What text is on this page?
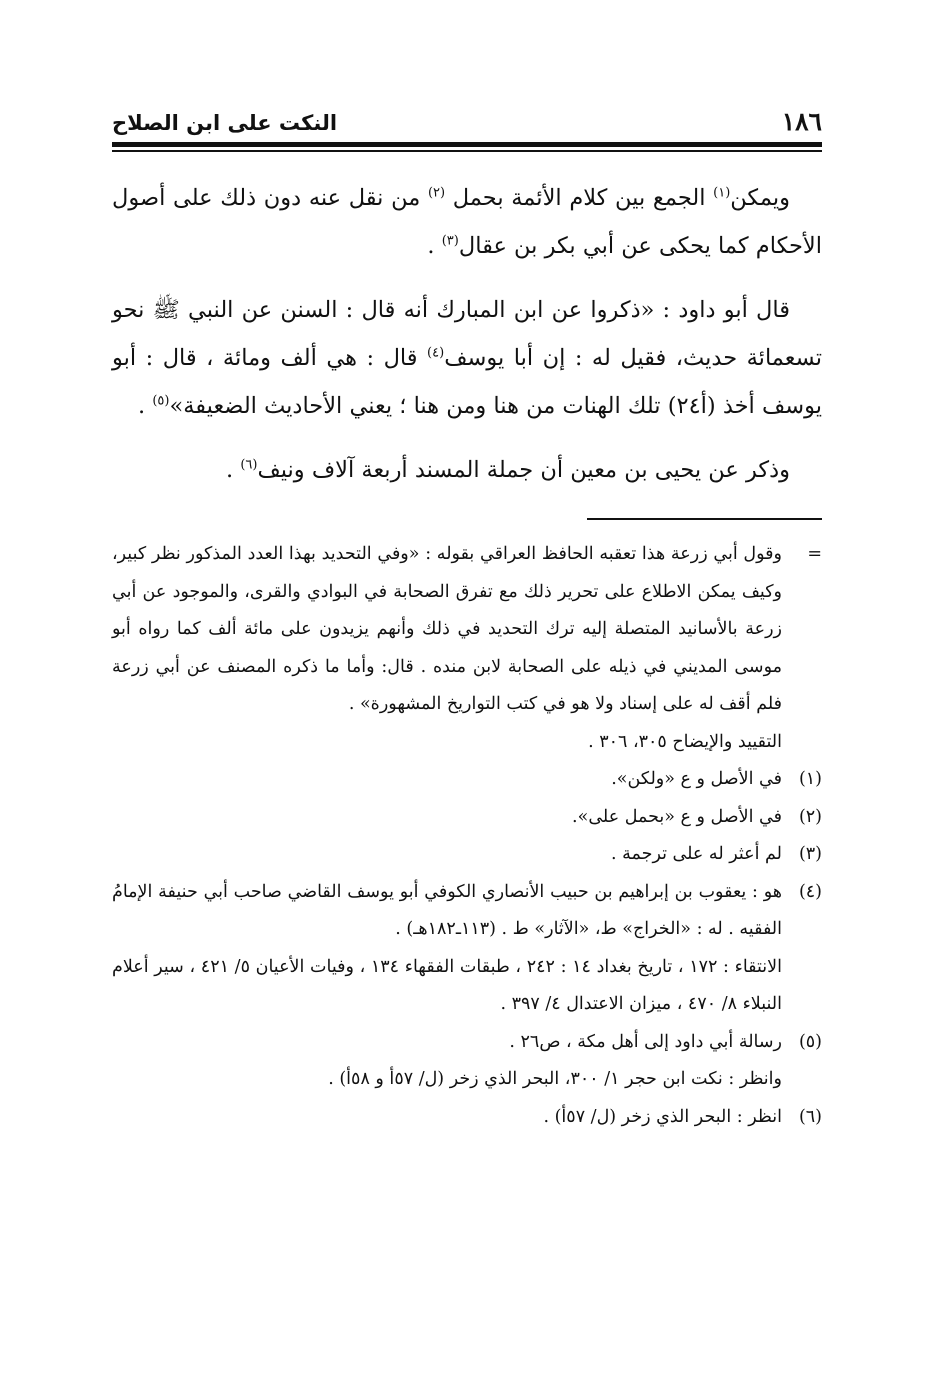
١٨٦
النكت على ابن الصلاح

ويمكن$^{(١)}$ الجمع بين كلام الأئمة بحمل $^{(٢)}$ من نقل عنه دون ذلك على أصول الأحكام كما يحكى عن أبي بكر بن عقال$^{(٣)}$ .

قال أبو داود : «ذكروا عن ابن المبارك أنه قال : السنن عن النبي ﷺ نحو تسعمائة حديث، فقيل له : إن أبا يوسف$^{(٤)}$ قال : هي ألف ومائة ، قال : أبو يوسف أخذ (أ٢٤) تلك الهنات من هنا ومن هنا ؛ يعني الأحاديث الضعيفة»$^{(٥)}$ .

وذكر عن يحيى بن معين أن جملة المسند أربعة آلاف ونيف$^{(٦)}$ .

=
وقول أبي زرعة هذا تعقبه الحافظ العراقي بقوله : «وفي التحديد بهذا العدد المذكور نظر كبير، وكيف يمكن الاطلاع على تحرير ذلك مع تفرق الصحابة في البوادي والقرى، والموجود عن أبي زرعة بالأسانيد المتصلة إليه ترك التحديد في ذلك وأنهم يزيدون على مائة ألف كما رواه أبو موسى المديني في ذيله على الصحابة لابن منده . قال: وأما ما ذكره المصنف عن أبي زرعة فلم أقف له على إسناد ولا هو في كتب التواريخ المشهورة» .
التقييد والإيضاح ٣٠٥، ٣٠٦ .
(١)
في الأصل و ع «ولكن».
(٢)
في الأصل و ع «بحمل على».
(٣)
لم أعثر له على ترجمة .
(٤)
هو : يعقوب بن إبراهيم بن حبيب الأنصاري الكوفي أبو يوسف القاضي صاحب أبي حنيفة الإمامُ الفقيه . له : «الخراج» ط، «الآثار» ط . (١١٣ـ١٨٢هـ) .
الانتقاء : ١٧٢ ، تاريخ بغداد ١٤ : ٢٤٢ ، طبقات الفقهاء ١٣٤ ، وفيات الأعيان ٥/ ٤٢١ ، سير أعلام النبلاء ٨/ ٤٧٠ ، ميزان الاعتدال ٤/ ٣٩٧ .
(٥)
رسالة أبي داود إلى أهل مكة ، ص٢٦ .
وانظر : نكت ابن حجر ١/ ٣٠٠، البحر الذي زخر (ل/ ٥٧أ و ٥٨أ) .
(٦)
انظر : البحر الذي زخر (ل/ ٥٧أ) .
